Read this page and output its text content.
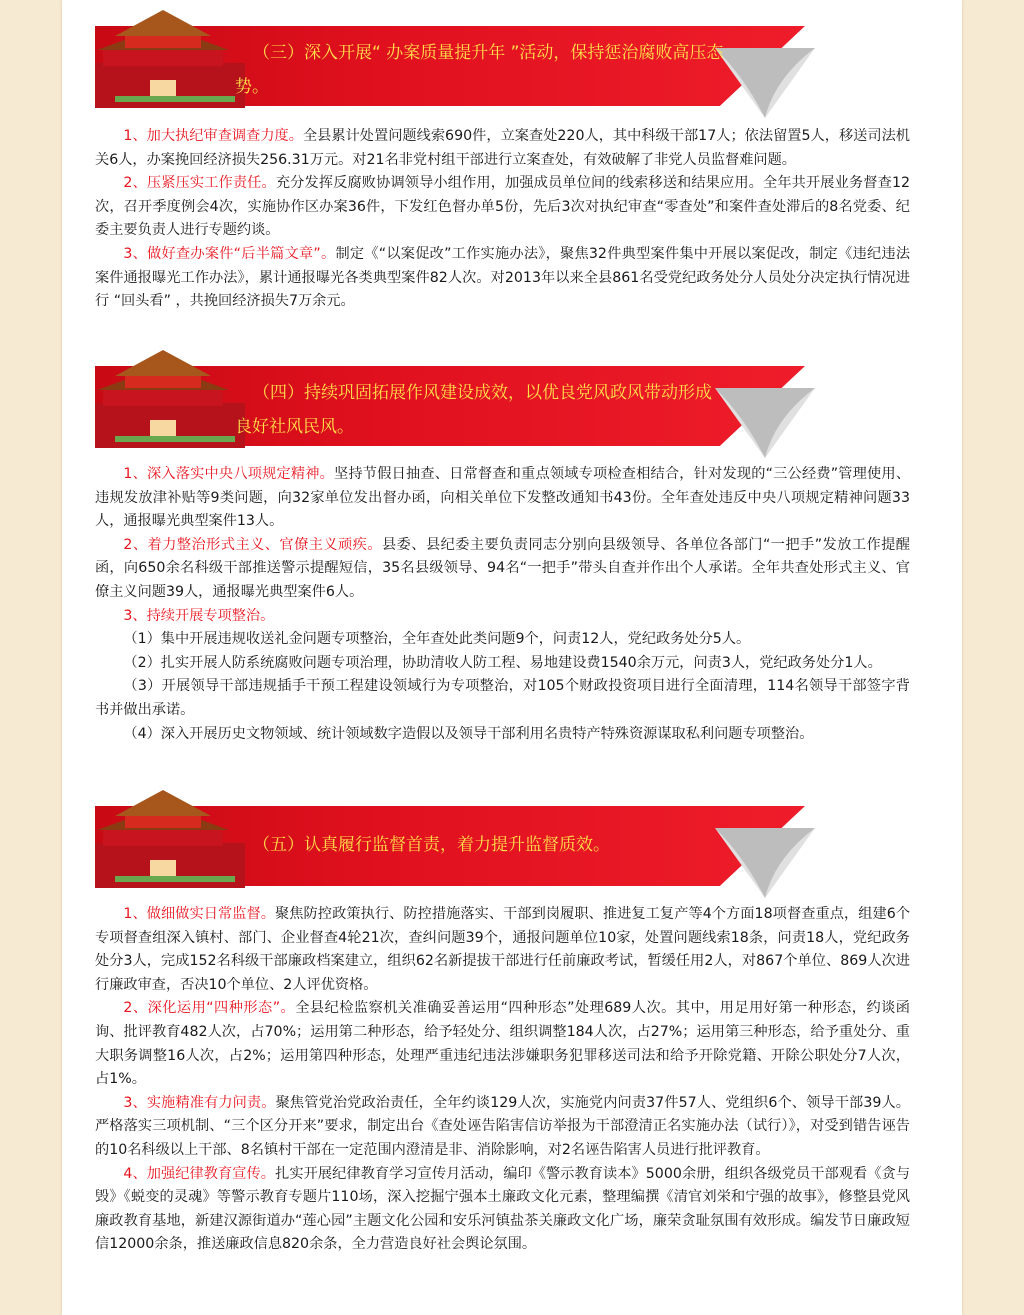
（三）深入开展“ 办案质量提升年 ”活动，保持惩治腐败高压态势。

1、加大执纪审查调查力度。全县累计处置问题线索690件，立案查处220人，其中科级干部17人；依法留置5人，移送司法机关6人，办案挽回经济损失256.31万元。对21名非党村组干部进行立案查处，有效破解了非党人员监督难问题。

2、压紧压实工作责任。充分发挥反腐败协调领导小组作用，加强成员单位间的线索移送和结果应用。全年共开展业务督查12次，召开季度例会4次，实施协作区办案36件，下发红色督办单5份，先后3次对执纪审查“零查处”和案件查处滞后的8名党委、纪委主要负责人进行专题约谈。

3、做好查办案件“后半篇文章”。制定《“以案促改”工作实施办法》，聚焦32件典型案件集中开展以案促改，制定《违纪违法案件通报曝光工作办法》，累计通报曝光各类典型案件82人次。对2013年以来全县861名受党纪政务处分人员处分决定执行情况进行 “回头看” ，共挽回经济损失7万余元。

（四）持续巩固拓展作风建设成效，以优良党风政风带动形成良好社风民风。

1、深入落实中央八项规定精神。坚持节假日抽查、日常督查和重点领域专项检查相结合，针对发现的“三公经费”管理使用、违规发放津补贴等9类问题，向32家单位发出督办函，向相关单位下发整改通知书43份。全年查处违反中央八项规定精神问题33人，通报曝光典型案件13人。

2、着力整治形式主义、官僚主义顽疾。县委、县纪委主要负责同志分别向县级领导、各单位各部门“一把手”发放工作提醒函，向650余名科级干部推送警示提醒短信，35名县级领导、94名“一把手”带头自查并作出个人承诺。全年共查处形式主义、官僚主义问题39人，通报曝光典型案件6人。

3、持续开展专项整治。

（1）集中开展违规收送礼金问题专项整治，全年查处此类问题9个，问责12人，党纪政务处分5人。

（2）扎实开展人防系统腐败问题专项治理，协助清收人防工程、易地建设费1540余万元，问责3人，党纪政务处分1人。

（3）开展领导干部违规插手干预工程建设领域行为专项整治，对105个财政投资项目进行全面清理，114名领导干部签字背书并做出承诺。

（4）深入开展历史文物领域、统计领域数字造假以及领导干部利用名贵特产特殊资源谋取私利问题专项整治。

（五）认真履行监督首责，着力提升监督质效。

1、做细做实日常监督。聚焦防控政策执行、防控措施落实、干部到岗履职、推进复工复产等4个方面18项督查重点，组建6个专项督查组深入镇村、部门、企业督查4轮21次，查纠问题39个，通报问题单位10家，处置问题线索18条，问责18人，党纪政务处分3人，完成152名科级干部廉政档案建立，组织62名新提拔干部进行任前廉政考试，暂缓任用2人，对867个单位、869人次进行廉政审查，否决10个单位、2人评优资格。

2、深化运用“四种形态”。全县纪检监察机关准确妥善运用“四种形态”处理689人次。其中，用足用好第一种形态，约谈函询、批评教育482人次，占70%；运用第二种形态，给予轻处分、组织调整184人次，占27%；运用第三种形态，给予重处分、重大职务调整16人次，占2%；运用第四种形态，处理严重违纪违法涉嫌职务犯罪移送司法和给予开除党籍、开除公职处分7人次，占1%。

3、实施精准有力问责。聚焦管党治党政治责任，全年约谈129人次，实施党内问责37件57人、党组织6个、领导干部39人。严格落实三项机制、“三个区分开来”要求，制定出台《查处诬告陷害信访举报为干部澄清正名实施办法（试行）》，对受到错告诬告的10名科级以上干部、8名镇村干部在一定范围内澄清是非、消除影响，对2名诬告陷害人员进行批评教育。

4、加强纪律教育宣传。扎实开展纪律教育学习宣传月活动，编印《警示教育读本》5000余册，组织各级党员干部观看《贪与毁》《蜕变的灵魂》等警示教育专题片110场，深入挖掘宁强本土廉政文化元素，整理编撰《清官刘栄和宁强的故事》，修整县党风廉政教育基地，新建汉源街道办“莲心园”主题文化公园和安乐河镇盐茶关廉政文化广场，廉荣贪耻氛围有效形成。编发节日廉政短信12000余条，推送廉政信息820余条，全力营造良好社会舆论氛围。
